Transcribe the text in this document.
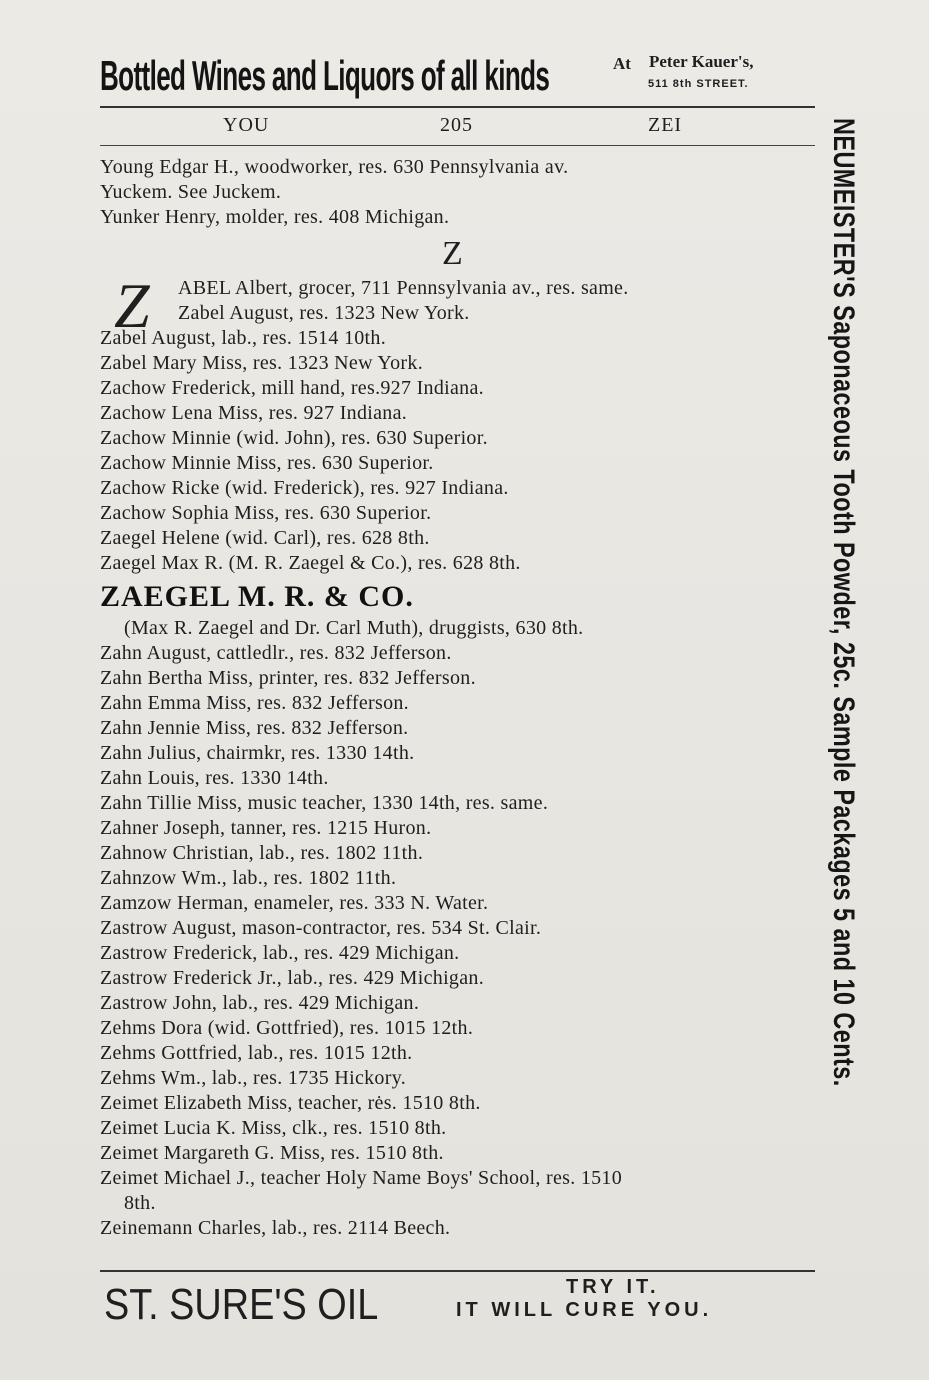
Bottled Wines and Liquors of all kinds	At Peter Kauer's,
511 8th STREET.
YOU	205	ZEI
Young Edgar H., woodworker, res. 630 Pennsylvania av.
Yuckem. See Juckem.
Yunker Henry, molder, res. 408 Michigan.
Z
Z ABEL Albert, grocer, 711 Pennsylvania av., res. same.
Zabel August, res. 1323 New York.
Zabel August, lab., res. 1514 10th.
Zabel Mary Miss, res. 1323 New York.
Zachow Frederick, mill hand, res.927 Indiana.
Zachow Lena Miss, res. 927 Indiana.
Zachow Minnie (wid. John), res. 630 Superior.
Zachow Minnie Miss, res. 630 Superior.
Zachow Ricke (wid. Frederick), res. 927 Indiana.
Zachow Sophia Miss, res. 630 Superior.
Zaegel Helene (wid. Carl), res. 628 8th.
Zaegel Max R. (M. R. Zaegel & Co.), res. 628 8th.
ZAEGEL M. R. & CO.
(Max R. Zaegel and Dr. Carl Muth), druggists, 630 8th.
Zahn August, cattledlr., res. 832 Jefferson.
Zahn Bertha Miss, printer, res. 832 Jefferson.
Zahn Emma Miss, res. 832 Jefferson.
Zahn Jennie Miss, res. 832 Jefferson.
Zahn Julius, chairmkr, res. 1330 14th.
Zahn Louis, res. 1330 14th.
Zahn Tillie Miss, music teacher, 1330 14th, res. same.
Zahner Joseph, tanner, res. 1215 Huron.
Zahnow Christian, lab., res. 1802 11th.
Zahnzow Wm., lab., res. 1802 11th.
Zamzow Herman, enameler, res. 333 N. Water.
Zastrow August, mason-contractor, res. 534 St. Clair.
Zastrow Frederick, lab., res. 429 Michigan.
Zastrow Frederick Jr., lab., res. 429 Michigan.
Zastrow John, lab., res. 429 Michigan.
Zehms Dora (wid. Gottfried), res. 1015 12th.
Zehms Gottfried, lab., res. 1015 12th.
Zehms Wm., lab., res. 1735 Hickory.
Zeimet Elizabeth Miss, teacher, rės. 1510 8th.
Zeimet Lucia K. Miss, clk., res. 1510 8th.
Zeimet Margareth G. Miss, res. 1510 8th.
Zeimet Michael J., teacher Holy Name Boys' School, res. 1510
8th.
Zeinemann Charles, lab., res. 2114 Beech.
ST. SURE'S OIL	TRY IT.
IT WILL CURE YOU.
NEUMEISTER'S Saponaceous Tooth Powder, 25c. Sample Packages 5 and 10 Cents.
